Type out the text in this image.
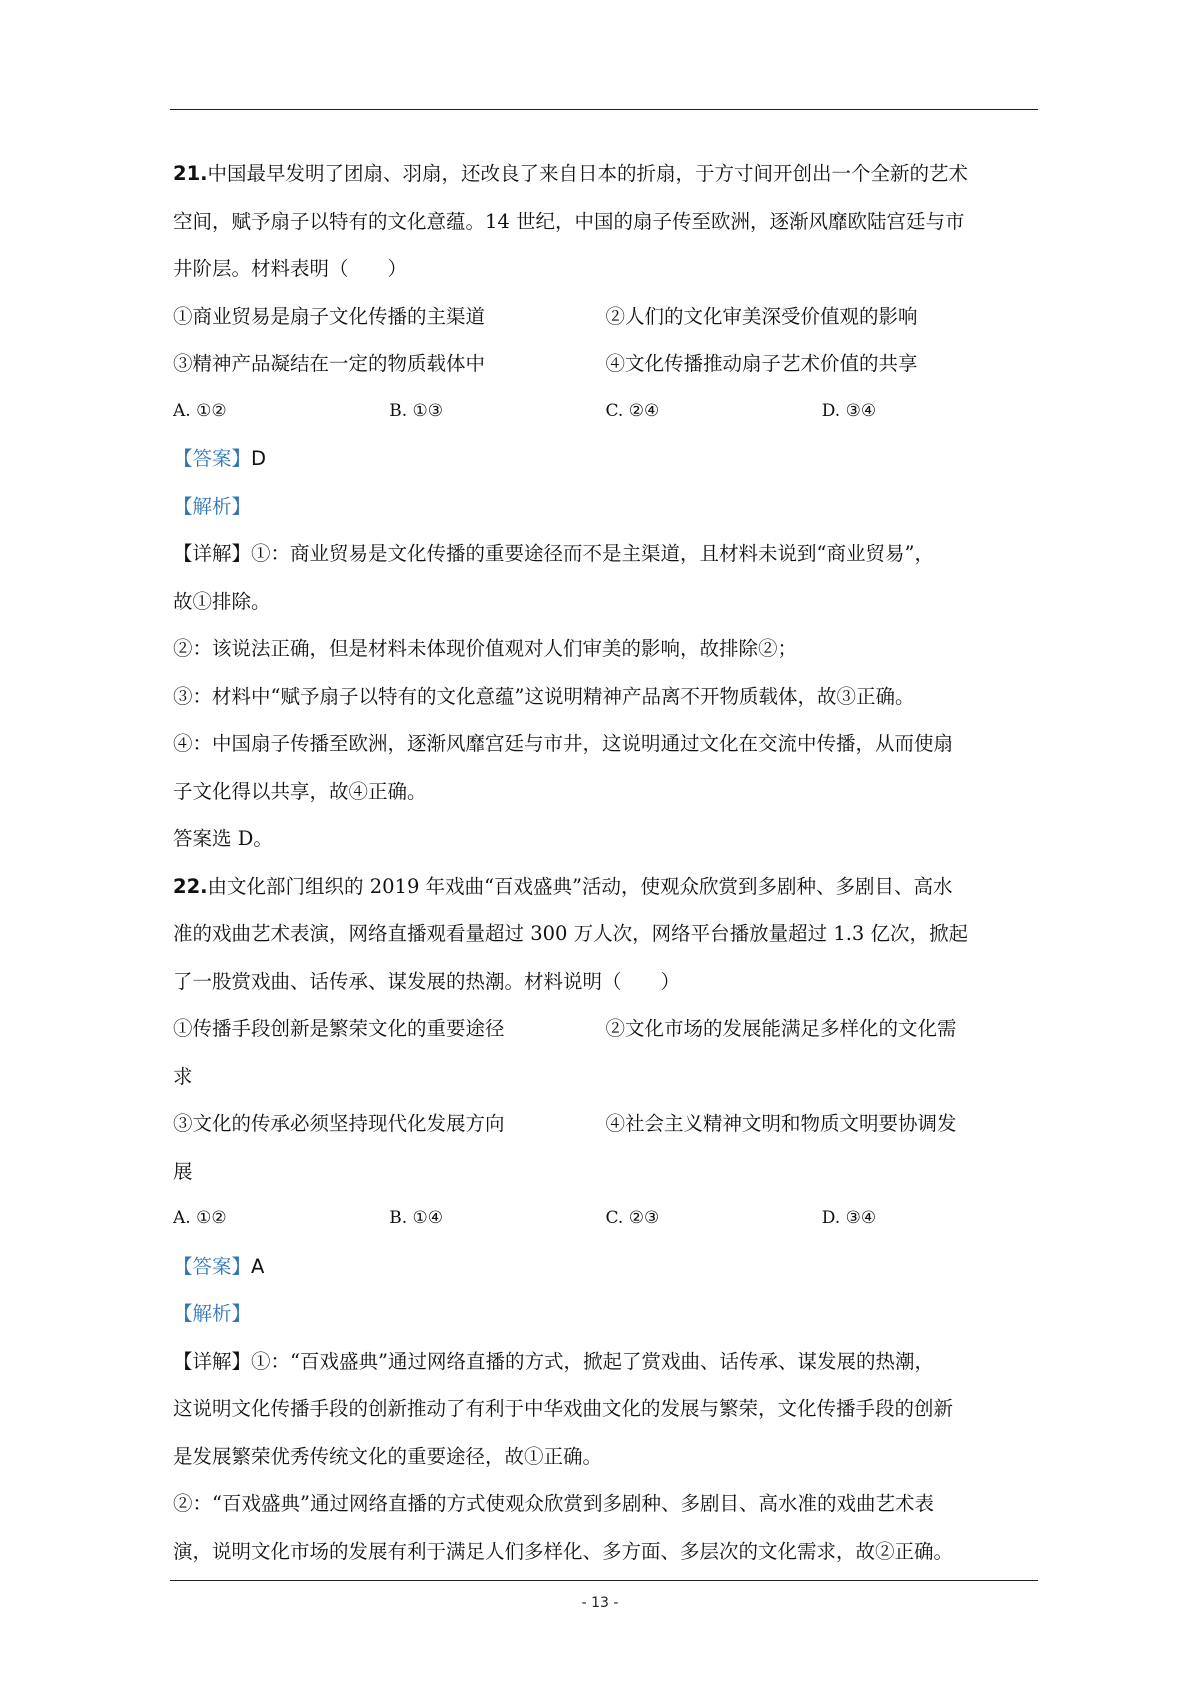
21.中国最早发明了团扇、羽扇，还改良了来自日本的折扇，于方寸间开创出一个全新的艺术
空间，赋予扇子以特有的文化意蕴。14 世纪，中国的扇子传至欧洲，逐渐风靡欧陆宫廷与市
井阶层。材料表明（　　）
①商业贸易是扇子文化传播的主渠道	②人们的文化审美深受价值观的影响
③精神产品凝结在一定的物质载体中	④文化传播推动扇子艺术价值的共享
A. ①②	B. ①③	C. ②④	D. ③④
【答案】D
【解析】
【详解】①：商业贸易是文化传播的重要途径而不是主渠道，且材料未说到“商业贸易”，
故①排除。
②：该说法正确，但是材料未体现价值观对人们审美的影响，故排除②；
③：材料中“赋予扇子以特有的文化意蕴”这说明精神产品离不开物质载体，故③正确。
④：中国扇子传播至欧洲，逐渐风靡宫廷与市井，这说明通过文化在交流中传播，从而使扇
子文化得以共享，故④正确。
答案选 D。
22.由文化部门组织的 2019 年戏曲“百戏盛典”活动，使观众欣赏到多剧种、多剧目、高水
准的戏曲艺术表演，网络直播观看量超过 300 万人次，网络平台播放量超过 1.3 亿次，掀起
了一股赏戏曲、话传承、谋发展的热潮。材料说明（　　）
①传播手段创新是繁荣文化的重要途径	②文化市场的发展能满足多样化的文化需
求
③文化的传承必须坚持现代化发展方向	④社会主义精神文明和物质文明要协调发
展
A. ①②	B. ①④	C. ②③	D. ③④
【答案】A
【解析】
【详解】①：“百戏盛典”通过网络直播的方式，掀起了赏戏曲、话传承、谋发展的热潮，
这说明文化传播手段的创新推动了有利于中华戏曲文化的发展与繁荣，文化传播手段的创新
是发展繁荣优秀传统文化的重要途径，故①正确。
②：“百戏盛典”通过网络直播的方式使观众欣赏到多剧种、多剧目、高水准的戏曲艺术表
演，说明文化市场的发展有利于满足人们多样化、多方面、多层次的文化需求，故②正确。
- 13 -
